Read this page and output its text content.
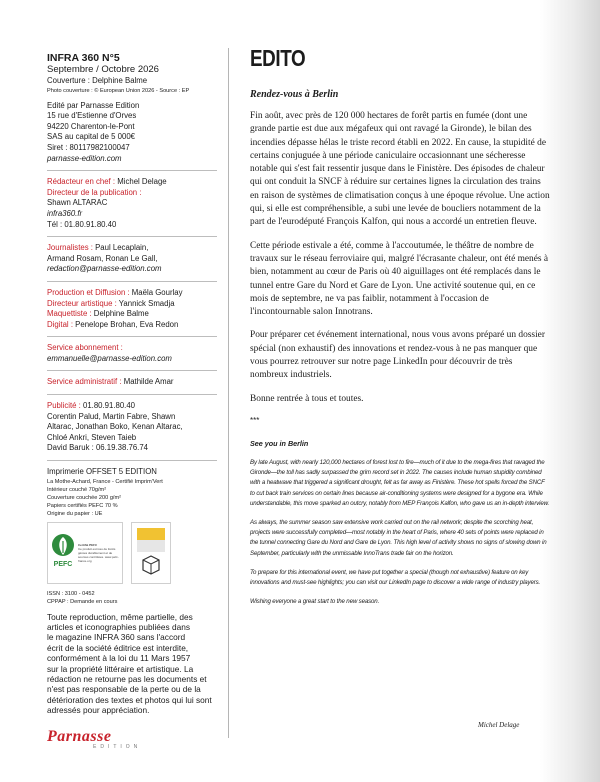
INFRA 360 N°5
Septembre / Octobre 2026
Couverture : Delphine Balme
Photo couverture : © European Union 2026 - Source : EP
Edité par Parnasse Edition
15 rue d'Estienne d'Orves
94220 Charenton-le-Pont
SAS au capital de 5 000€
Siret : 80117982100047
parnasse-edition.com
Rédacteur en chef : Michel Delage
Directeur de la publication :
Shawn ALTARAC
infra360.fr
Tél : 01.80.91.80.40
Journalistes : Paul Lecaplain,
Armand Rosam, Ronan Le Gall,
redaction@parnasse-edition.com
Production et Diffusion : Maëla Gourlay
Directeur artistique : Yannick Smadja
Maquettiste : Delphine Balme
Digital : Penelope Brohan, Eva Redon
Service abonnement :
emmanuelle@parnasse-edition.com
Service administratif : Mathilde Amar
Publicité : 01.80.91.80.40
Corentin Palud, Martin Fabre, Shawn
Altarac, Jonathan Boko, Kenan Altarac,
Chloé Ankri, Steven Taieb
David Baruk : 06.19.38.76.74
Imprimerie OFFSET 5 EDITION
La Mothe-Achard, France - Certifié Imprim'Vert
Intérieur couché 70g/m²
Couverture couchée 200 g/m²
Papiers certifiés PEFC 70 %
Origine du papier : UE
PEFC
Certifié PEFC
Ce produit est issu de forêts gérées durablement et de sources contrôlées. www.pefc-france.org
ISSN : 3100 - 0452
CPPAP : Demande en cours
Toute reproduction, même partielle, des
articles et iconographies publiées dans
le magazine INFRA 360 sans l'accord
écrit de la société éditrice est interdite,
conformément à la loi du 11 Mars 1957
sur la propriété littéraire et artistique. La
rédaction ne retourne pas les documents et
n'est pas responsable de la perte ou de la
détérioration des textes et photos qui lui sont
adressés pour appréciation.
Parnasse
EDITION
EDITO
Rendez-vous à Berlin

Fin août, avec près de 120 000 hectares de forêt partis en fumée (dont une grande partie est due aux mégafeux qui ont ravagé la Gironde), le bilan des incendies dépasse hélas le triste record établi en 2022. En cause, la stupidité de certains conjuguée à une période caniculaire occasionnant une sécheresse notable qui s'est fait ressentir jusque dans le Finistère. Des épisodes de chaleur qui ont conduit la SNCF à réduire sur certaines lignes la circulation des trains en raison de systèmes de climatisation conçus à une époque révolue. Une action qui, si elle est compréhensible, a subi une levée de boucliers notamment de la part de l'eurodéputé François Kalfon, qui nous a accordé un entretien fleuve.

Cette période estivale a été, comme à l'accoutumée, le théâtre de nombre de travaux sur le réseau ferroviaire qui, malgré l'écrasante chaleur, ont été menés à bien, notamment au cœur de Paris où 40 aiguillages ont été remplacés dans le tunnel entre Gare du Nord et Gare de Lyon. Une activité soutenue qui, en ce mois de septembre, ne va pas faiblir, notamment à l'occasion de l'incontournable salon Innotrans.

Pour préparer cet événement international, nous vous avons préparé un dossier spécial (non exhaustif) des innovations et rendez-vous à ne pas manquer que vous pourrez retrouver sur notre page LinkedIn pour découvrir de très nombreux industriels.

Bonne rentrée à tous et toutes.

***
See you in Berlin

By late August, with nearly 120,000 hectares of forest lost to fire—much of it due to the mega-fires that ravaged the Gironde—the toll has sadly surpassed the grim record set in 2022. The causes include human stupidity combined with a heatwave that triggered a significant drought, felt as far away as Finistère. These hot spells forced the SNCF to cut back train services on certain lines because air-conditioning systems were designed for a bygone era. While understandable, this move sparked an outcry, notably from MEP François Kalfon, who gave us an in-depth interview.

As always, the summer season saw extensive work carried out on the rail network; despite the scorching heat, projects were successfully completed—most notably in the heart of Paris, where 40 sets of points were replaced in the tunnel connecting Gare du Nord and Gare de Lyon. This high level of activity shows no signs of slowing down in September, particularly with the unmissable InnoTrans trade fair on the horizon.

To prepare for this international event, we have put together a special (though not exhaustive) feature on key innovations and must-see highlights; you can visit our LinkedIn page to discover a wide range of industry players.

Wishing everyone a great start to the new season.

Michel Delage
